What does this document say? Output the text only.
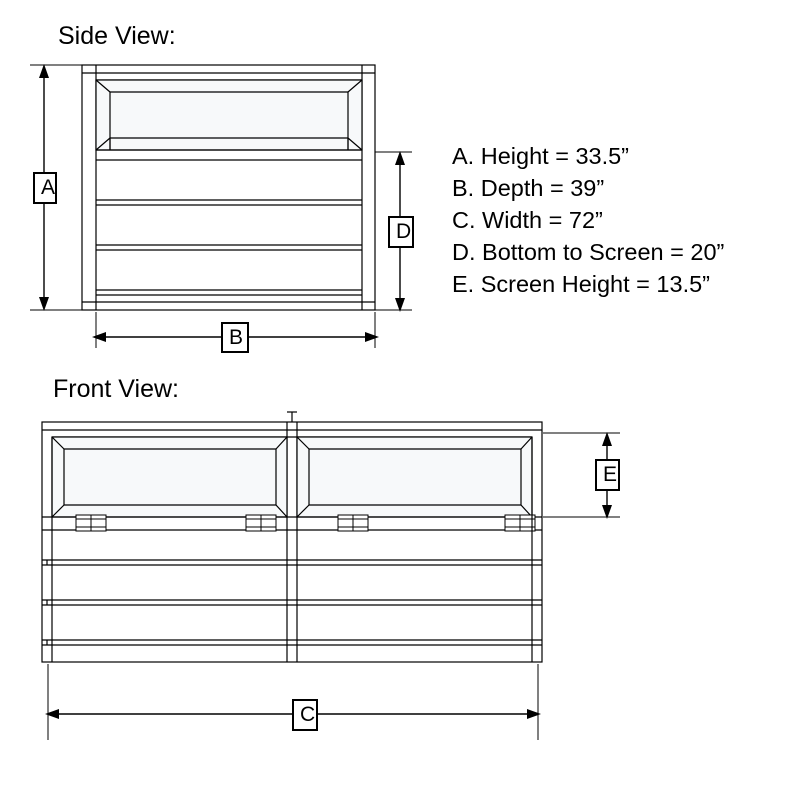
Side View:
Front View:
A. Height = 33.5”
B. Depth = 39”
C. Width = 72”
D. Bottom to Screen = 20”
E. Screen Height = 13.5”
A
B
D
E
C
